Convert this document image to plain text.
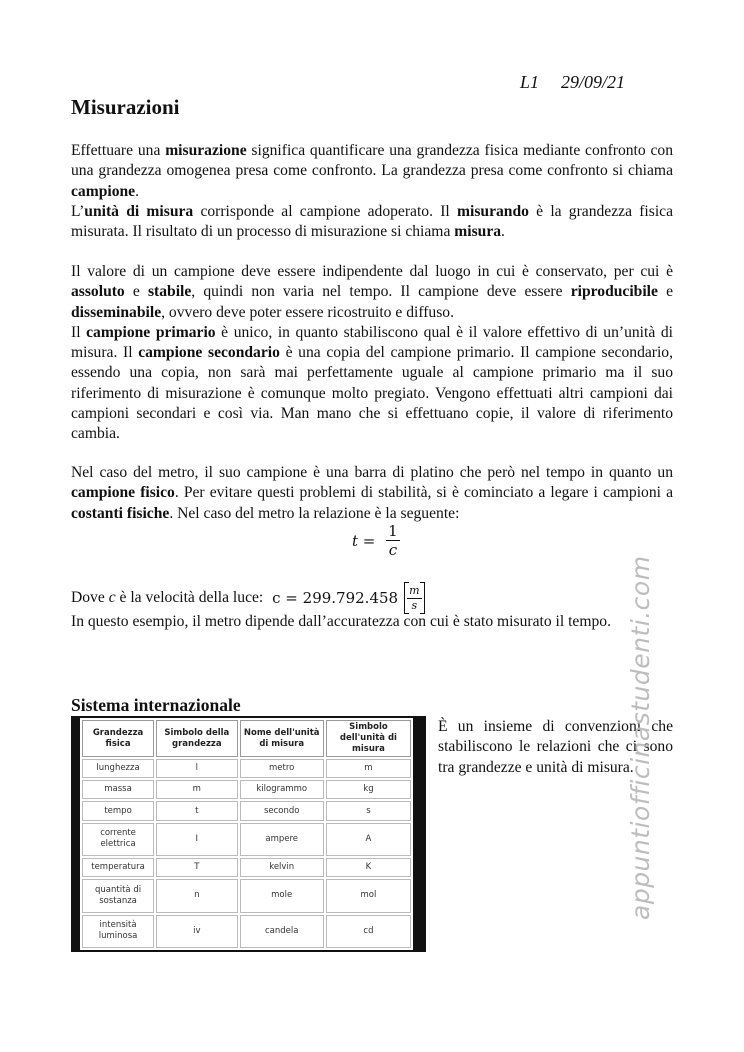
L1 29/09/21
Misurazioni

Effettuare una misurazione significa quantificare una grandezza fisica mediante confronto con una grandezza omogenea presa come confronto. La grandezza presa come confronto si chiama campione.

L’unità di misura corrisponde al campione adoperato. Il misurando è la grandezza fisica misurata. Il risultato di un processo di misurazione si chiama misura.

Il valore di un campione deve essere indipendente dal luogo in cui è conservato, per cui è assoluto e stabile, quindi non varia nel tempo. Il campione deve essere riproducibile e disseminabile, ovvero deve poter essere ricostruito e diffuso.

Il campione primario è unico, in quanto stabiliscono qual è il valore effettivo di un’unità di misura. Il campione secondario è una copia del campione primario. Il campione secondario, essendo una copia, non sarà mai perfettamente uguale al campione primario ma il suo riferimento di misurazione è comunque molto pregiato. Vengono effettuati altri campioni dai campioni secondari e così via. Man mano che si effettuano copie, il valore di riferimento cambia.

Nel caso del metro, il suo campione è una barra di platino che però nel tempo in quanto un campione fisico. Per evitare questi problemi di stabilità, si è cominciato a legare i campioni a costanti fisiche. Nel caso del metro la relazione è la seguente:

$t = \frac{1}{c}$
Dove c è la velocità della luce: $c = 299.792.458 \frac{m}{s}$
In questo esempio, il metro dipende dall’accuratezza con cui è stato misurato il tempo.
Sistema internazionale
Grandezza fisica	Simbolo della grandezza	Nome dell'unità di misura	Simbolo dell'unità di misura
lunghezza	l	metro	m
massa	m	kilogrammo	kg
tempo	t	secondo	s
corrente elettrica	I	ampere	A
temperatura	T	kelvin	K
quantità di sostanza	n	mole	mol
intensità luminosa	iv	candela	cd
È un insieme di convenzioni che stabiliscono le relazioni che ci sono tra grandezze e unità di misura.
appuntiofficinastudenti.com
